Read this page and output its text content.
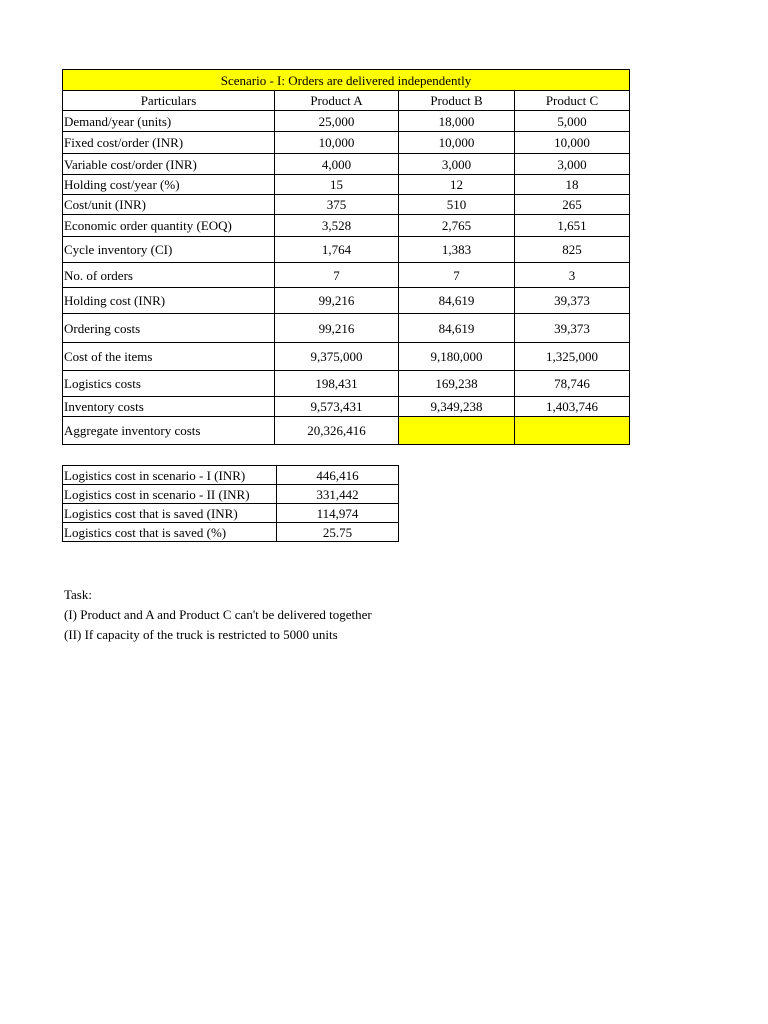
Scenario - I: Orders are delivered independently			
Particulars	Product A	Product B	Product C
Demand/year (units)	25,000	18,000	5,000
Fixed cost/order (INR)	10,000	10,000	10,000
Variable cost/order (INR)	4,000	3,000	3,000
Holding cost/year (%)	15	12	18
Cost/unit (INR)	375	510	265
Economic order quantity (EOQ)	3,528	2,765	1,651
Cycle inventory (CI)	1,764	1,383	825
No. of orders	7	7	3
Holding cost (INR)	99,216	84,619	39,373
Ordering costs	99,216	84,619	39,373
Cost of the items	9,375,000	9,180,000	1,325,000
Logistics costs	198,431	169,238	78,746
Inventory costs	9,573,431	9,349,238	1,403,746
Aggregate inventory costs	20,326,416		
Logistics cost in scenario - I (INR)	446,416
Logistics cost in scenario - II (INR)	331,442
Logistics cost that is saved (INR)	114,974
Logistics cost that is saved (%)	25.75
Task:
(I) Product and A and Product C can't be delivered together
(II) If capacity of the truck is restricted to 5000 units
